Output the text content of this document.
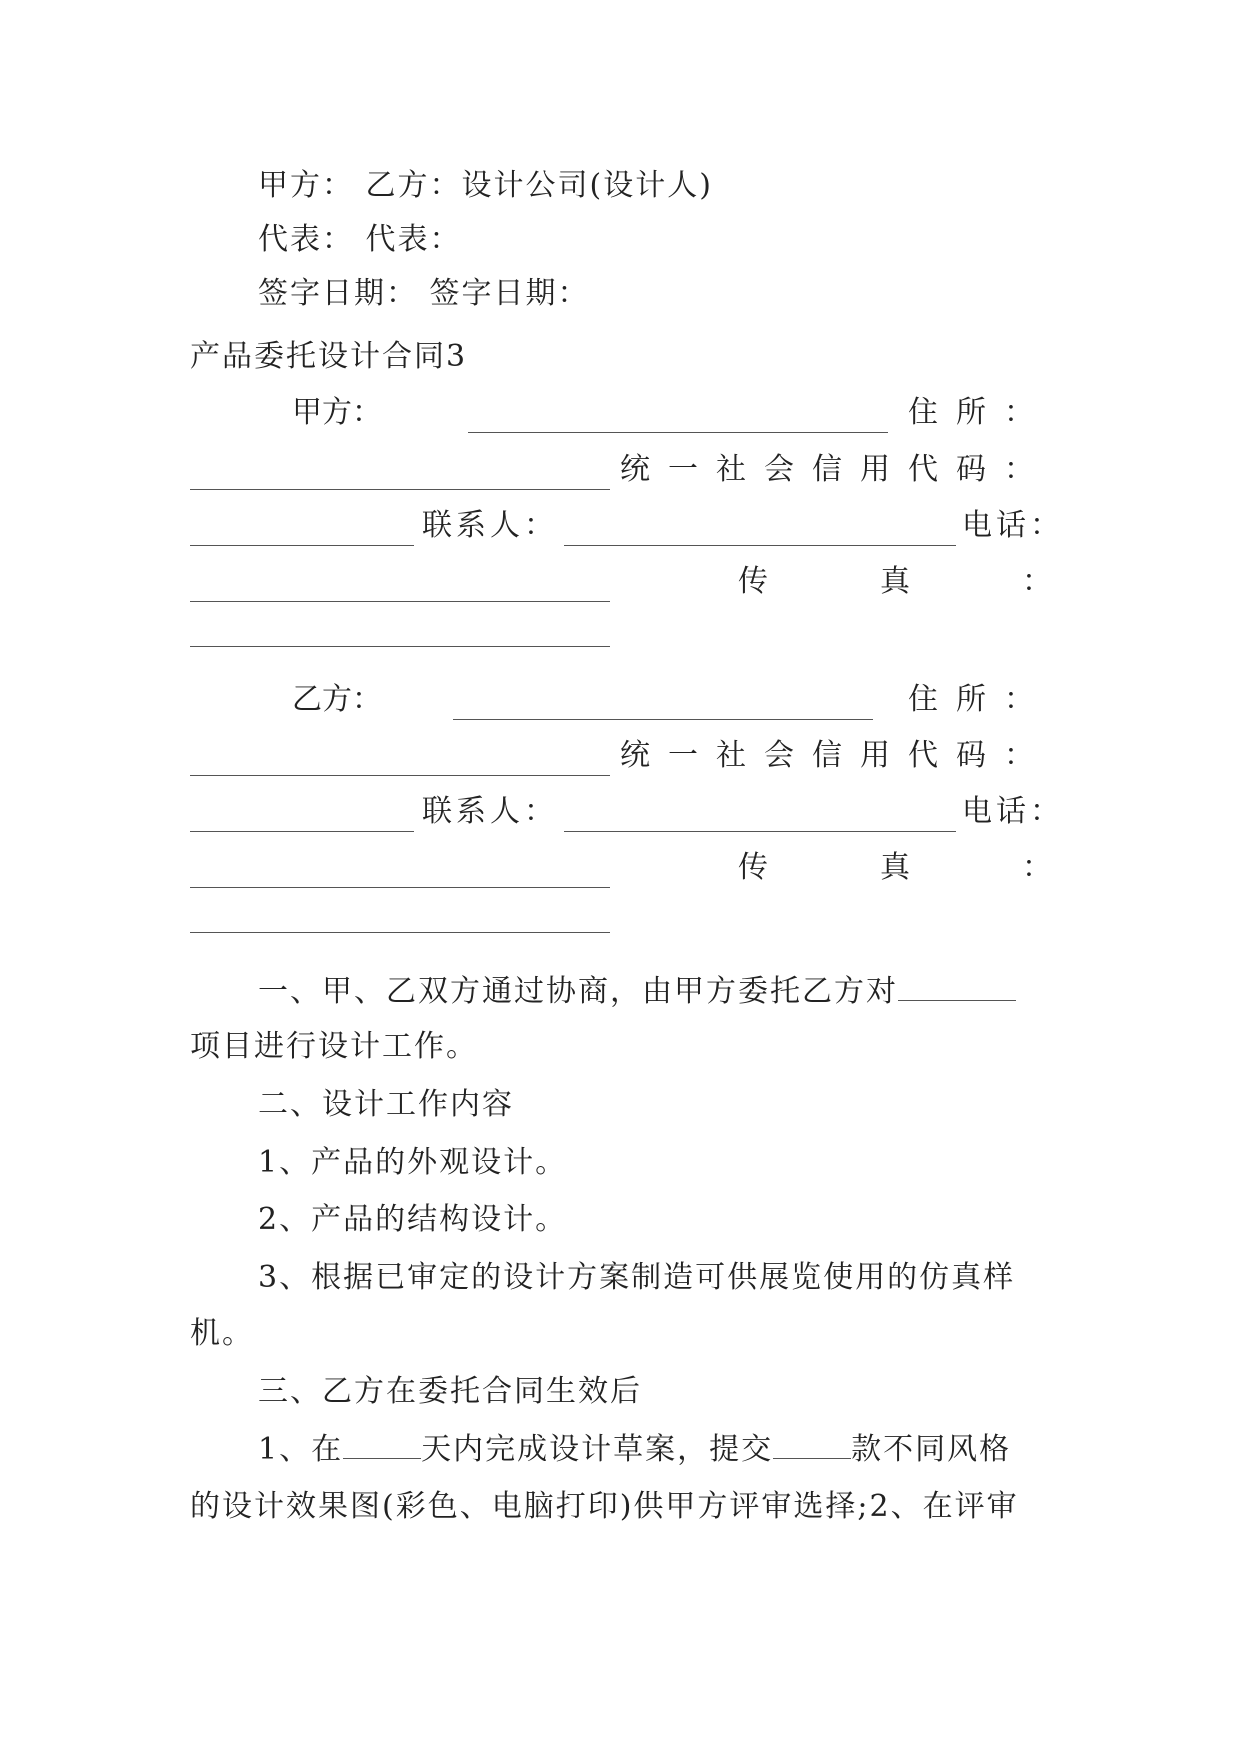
甲方： 乙方：设计公司(设计人)
代表： 代表：
签字日期： 签字日期：
产品委托设计合同3
甲方：	住所：
统一社会信用代码：
联系人：	电话：
传真：
乙方：	住所：
统一社会信用代码：
联系人：	电话：
传真：
一、甲、乙双方通过协商，由甲方委托乙方对
项目进行设计工作。
二、设计工作内容
1、产品的外观设计。
2、产品的结构设计。
3、根据已审定的设计方案制造可供展览使用的仿真样
机。
三、乙方在委托合同生效后
1、在	天内完成设计草案，提交	款不同风格
的设计效果图(彩色、电脑打印)供甲方评审选择;2、在评审
